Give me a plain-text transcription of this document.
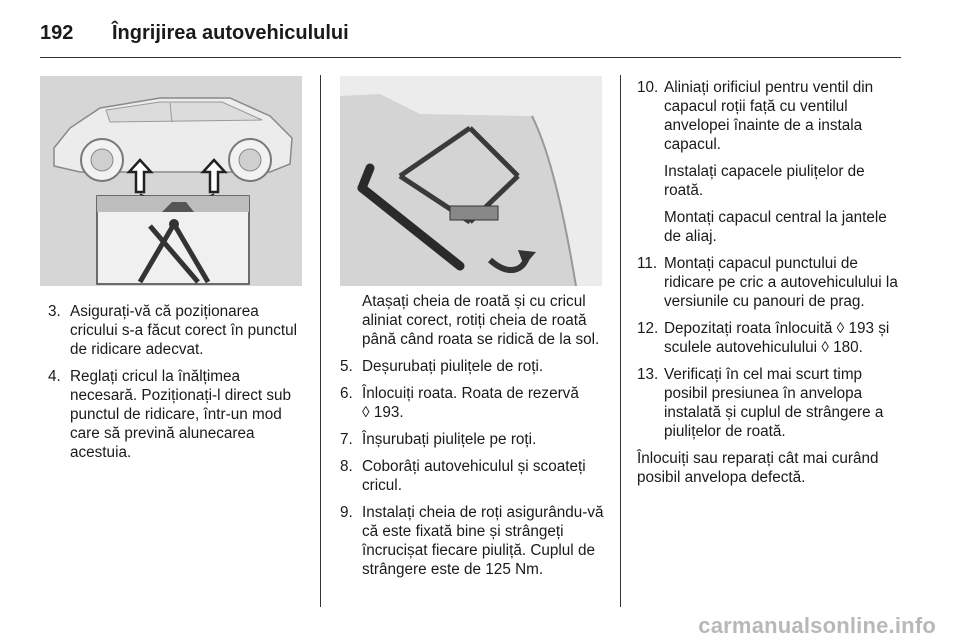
192 Îngrijirea autovehiculului
3. Asigurați-vă că poziționarea cricului s-a făcut corect în punctul de ridicare adecvat.
4. Reglați cricul la înălțimea necesară. Poziționați-l direct sub punctul de ridicare, într-un mod care să prevină alunecarea acestuia.

Atașați cheia de roată și cu cricul aliniat corect, rotiți cheia de roată până când roata se ridică de la sol.

5. Deșurubați piulițele de roți.
6. Înlocuiți roata. Roata de rezervă
◊ 193.
7. Înșurubați piulițele pe roți.
8. Coborâți autovehiculul și scoateți cricul.
9. Instalați cheia de roți asigurându-vă că este fixată bine și strângeți încrucișat fiecare piuliță. Cuplul de strângere este de 125 Nm.
10. Aliniați orificiul pentru ventil din capacul roții față cu ventilul anvelopei înainte de a instala capacul.
Instalați capacele piulițelor de roată.
Montați capacul central la jantele de aliaj.
11. Montați capacul punctului de ridicare pe cric a autovehiculului la versiunile cu panouri de prag.
12. Depozitați roata înlocuită ◊ 193 și sculele autovehiculului ◊ 180.
13. Verificați în cel mai scurt timp posibil presiunea în anvelopa instalată și cuplul de strângere a piulițelor de roată.
Înlocuiți sau reparați cât mai curând posibil anvelopa defectă.
carmanualsonline.info
